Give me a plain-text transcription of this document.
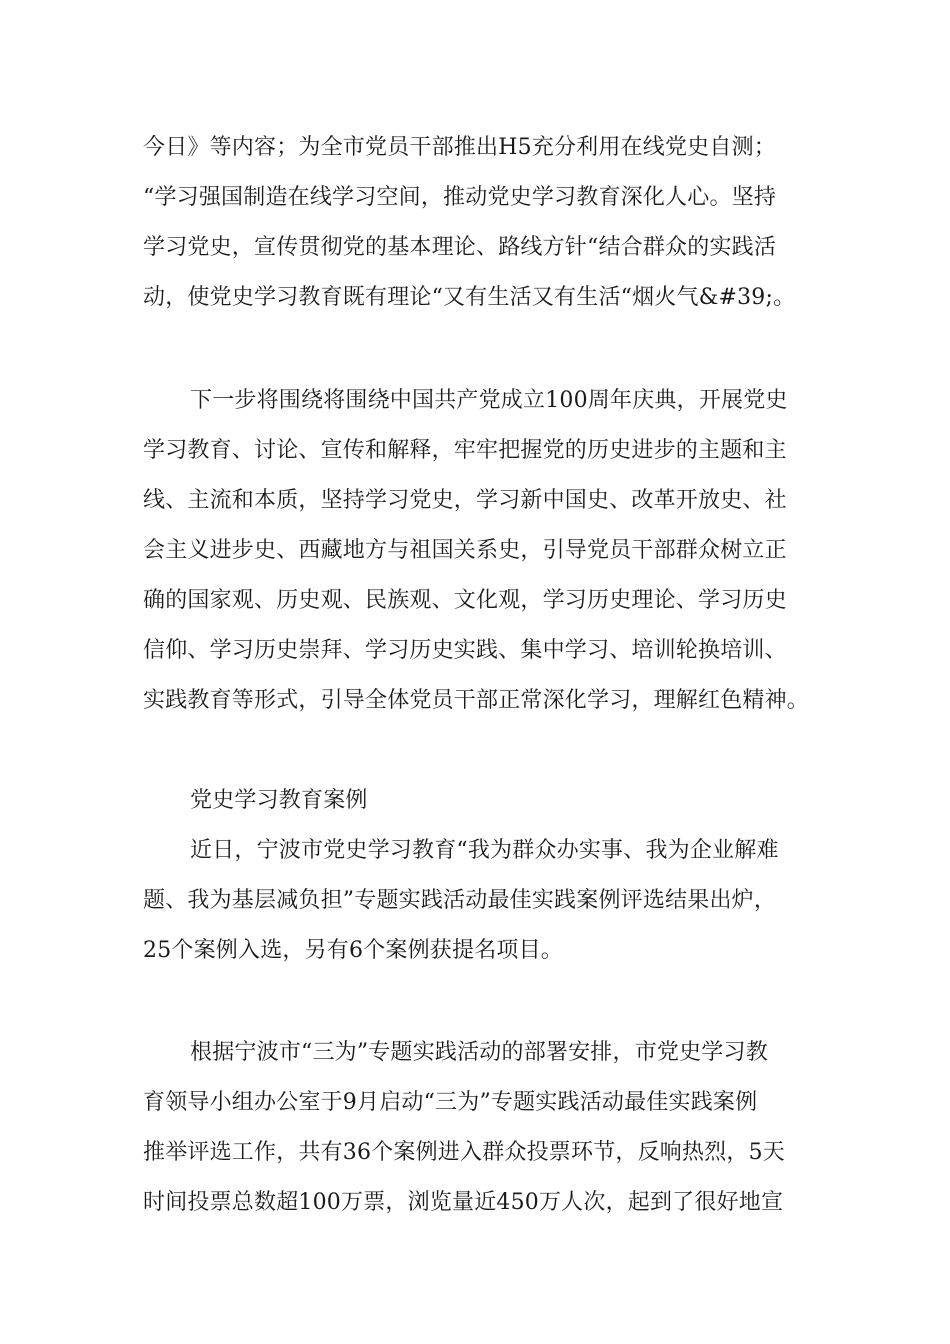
今日》等内容；为全市党员干部推出H5充分利用在线党史自测；
“学习强国制造在线学习空间，推动党史学习教育深化人心。坚持
学习党史，宣传贯彻党的基本理论、路线方针“结合群众的实践活
动，使党史学习教育既有理论“又有生活又有生活“烟火气&#39;。
下一步将围绕将围绕中国共产党成立100周年庆典，开展党史
学习教育、讨论、宣传和解释，牢牢把握党的历史进步的主题和主
线、主流和本质，坚持学习党史，学习新中国史、改革开放史、社
会主义进步史、西藏地方与祖国关系史，引导党员干部群众树立正
确的国家观、历史观、民族观、文化观，学习历史理论、学习历史
信仰、学习历史崇拜、学习历史实践、集中学习、培训轮换培训、
实践教育等形式，引导全体党员干部正常深化学习，理解红色精神。
党史学习教育案例
近日，宁波市党史学习教育“我为群众办实事、我为企业解难
题、我为基层减负担”专题实践活动最佳实践案例评选结果出炉，
25个案例入选，另有6个案例获提名项目。
根据宁波市“三为”专题实践活动的部署安排，市党史学习教
育领导小组办公室于9月启动“三为”专题实践活动最佳实践案例
推举评选工作，共有36个案例进入群众投票环节，反响热烈，5天
时间投票总数超100万票，浏览量近450万人次，起到了很好地宣
